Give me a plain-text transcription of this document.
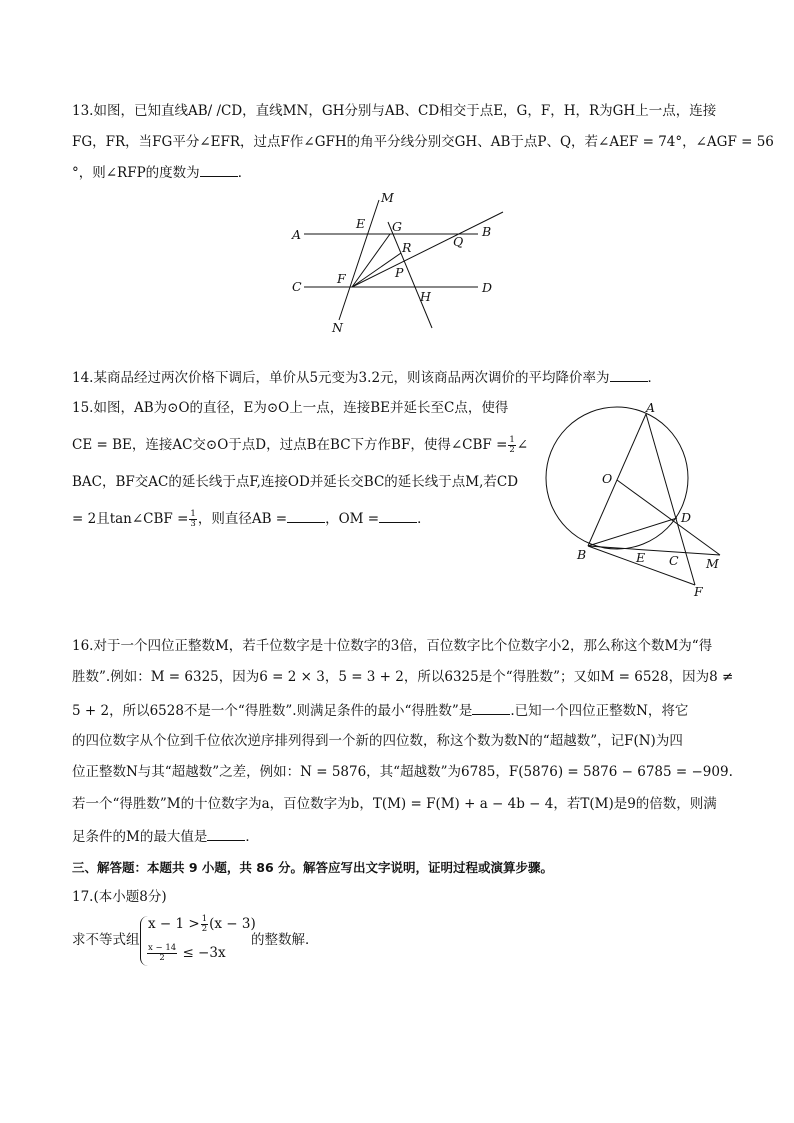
13.如图，已知直线AB/ /CD，直线MN，GH分别与AB、CD相交于点E，G，F，H，R为GH上一点，连接
FG，FR，当FG平分∠EFR，过点F作∠GFH的角平分线分别交GH、AB于点P、Q，若∠AEF = 74°，∠AGF = 56
°，则∠RFP的度数为	．
M
E G
A	B
R	Q
P
C
F
D
H
N
14.某商品经过两次价格下调后，单价从5元变为3.2元，则该商品两次调价的平均降价率为	．
15.如图，AB为⊙O的直径，E为⊙O上一点，连接BE并延长至C点，使得
CE = BE，连接AC交⊙O于点D，过点B在BC下方作BF，使得∠CBF = $\frac{1}{2}$ ∠
BAC，BF交AC的延长线于点F,连接OD并延长交BC的延长线于点M,若CD
= 2且tan∠CBF = $\frac{1}{3}$ ，则直径AB =	，OM =	．
A
O
D
B	E C M
F
16.对于一个四位正整数M，若千位数字是十位数字的3倍，百位数字比个位数字小2，那么称这个数M为“得
胜数”.例如：M = 6325，因为6 = 2 × 3，5 = 3 + 2，所以6325是个“得胜数”；又如M = 6528，因为8 ≠
5 + 2，所以6528不是一个“得胜数”.则满足条件的最小“得胜数”是	.已知一个四位正整数N，将它
的四位数字从个位到千位依次逆序排列得到一个新的四位数，称这个数为数N的“超越数”，记F(N)为四
位正整数N与其“超越数”之差，例如：N = 5876，其“超越数”为6785，F(5876) = 5876 − 6785 = −909.
若一个“得胜数”M的十位数字为a，百位数字为b，T(M) = F(M) + a − 4b − 4，若T(M)是9的倍数，则满
足条件的M的最大值是	．
三、解答题：本题共 9 小题，共 86 分。解答应写出文字说明，证明过程或演算步骤。
17.(本小题8分)
求不等式组
$x - 1 > \frac{1}{2} (x - 3)$
$\frac{x - 14}{2} \le -3x$
的整数解．
